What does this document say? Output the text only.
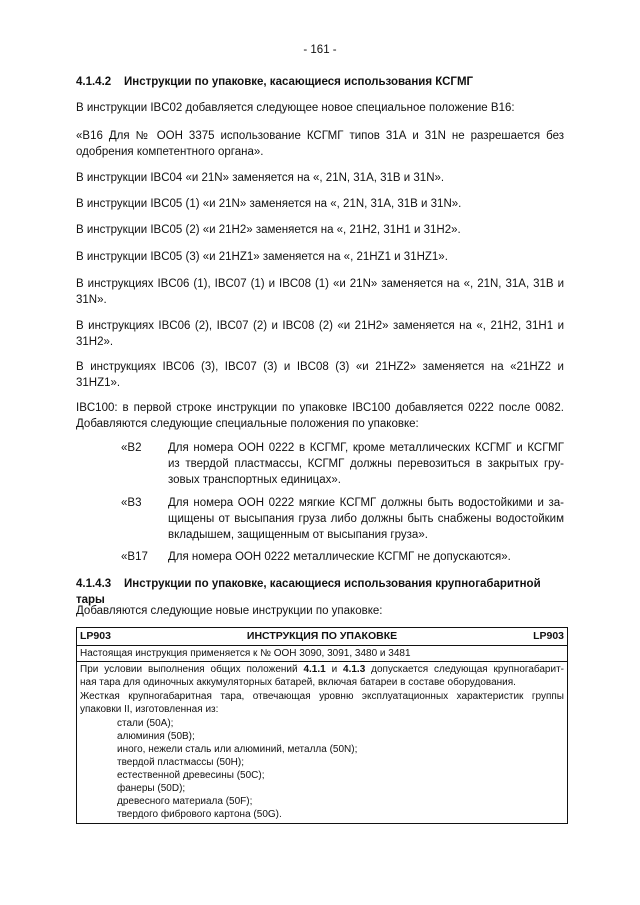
- 161 -
4.1.4.2 Инструкции по упаковке, касающиеся использования КСГМГ
В инструкции IBC02 добавляется следующее новое специальное положение B16:
«B16 Для № ООН 3375 использование КСГМГ типов 31А и 31N не разрешается без
одобрения компетентного органа».
В инструкции IBC04 «и 21N» заменяется на «, 21N, 31A, 31B и 31N».
В инструкции IBC05 (1) «и 21N» заменяется на «, 21N, 31A, 31B и 31N».
В инструкции IBC05 (2) «и 21H2» заменяется на «, 21H2, 31H1 и 31H2».
В инструкции IBC05 (3) «и 21HZ1» заменяется на «, 21HZ1 и 31HZ1».
В инструкциях IBC06 (1), IBC07 (1) и IBC08 (1) «и 21N» заменяется на «, 21N, 31A, 31B и
31N».
В инструкциях IBC06 (2), IBC07 (2) и IBC08 (2) «и 21H2» заменяется на «, 21H2, 31H1 и
31H2».
В инструкциях IBC06 (3), IBC07 (3) и IBC08 (3) «и 21HZ2» заменяется на «21HZ2 и
31HZ1».
IBC100: в первой строке инструкции по упаковке IBC100 добавляется 0222 после 0082.
Добавляются следующие специальные положения по упаковке:
«B2	Для номера ООН 0222 в КСГМГ, кроме металлических КСГМГ и КСГМГ
из твердой пластмассы, КСГМГ должны перевозиться в закрытых гру-
зовых транспортных единицах».
«B3	Для номера ООН 0222 мягкие КСГМГ должны быть водостойкими и за-
щищены от высыпания груза либо должны быть снабжены водостойким
вкладышем, защищенным от высыпания груза».
«B17	Для номера ООН 0222 металлические КСГМГ не допускаются».
4.1.4.3 Инструкции по упаковке, касающиеся использования крупногабаритной тары
Добавляются следующие новые инструкции по упаковке:
LP903	ИНСТРУКЦИЯ ПО УПАКОВКЕ	LP903
Настоящая инструкция применяется к № ООН 3090, 3091, 3480 и 3481
При условии выполнения общих положений 4.1.1 и 4.1.3 допускается следующая крупногабарит-
ная тара для одиночных аккумуляторных батарей, включая батареи в составе оборудования.
Жесткая крупногабаритная тара, отвечающая уровню эксплуатационных характеристик группы
упаковки II, изготовленная из:
стали (50A);
алюминия (50B);
иного, нежели сталь или алюминий, металла (50N);
твердой пластмассы (50H);
естественной древесины (50C);
фанеры (50D);
древесного материала (50F);
твердого фибрового картона (50G).
